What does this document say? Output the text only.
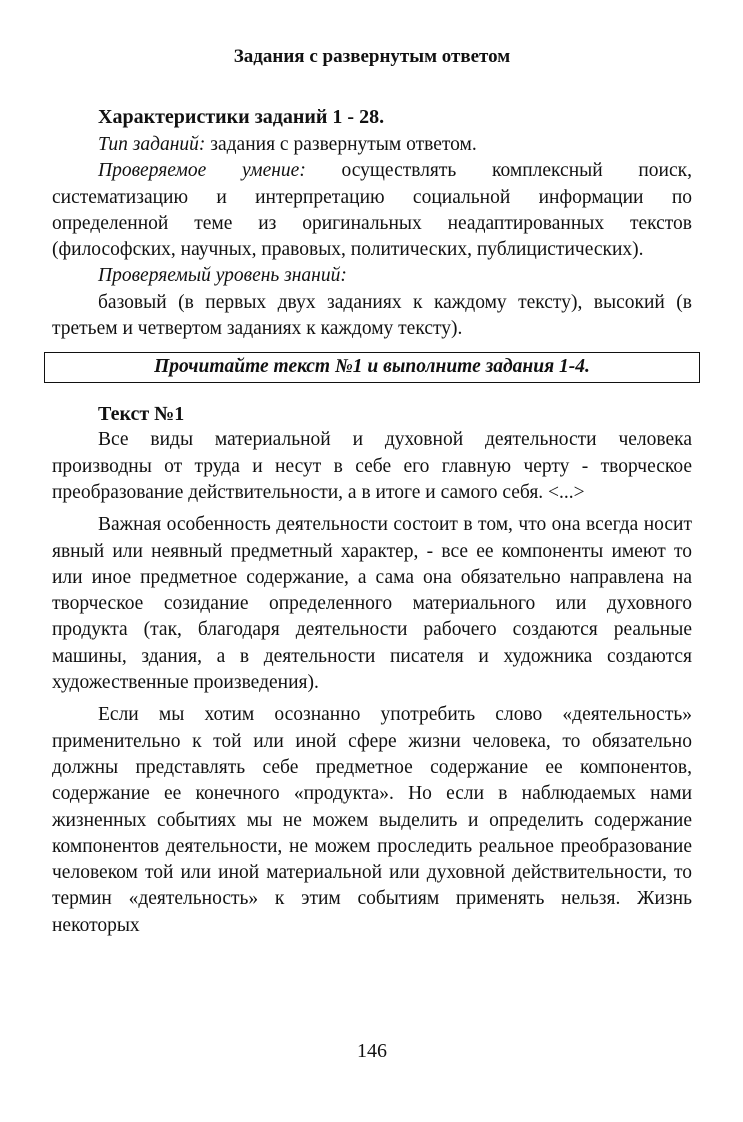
Задания с развернутым ответом
Характеристики заданий 1 - 28.

Тип заданий: задания с развернутым ответом.

Проверяемое умение: осуществлять комплексный поиск, систематизацию и интерпретацию социальной информации по определенной теме из оригинальных неадаптированных текстов (философских, научных, правовых, политических, публицистических).

Проверяемый уровень знаний:

базовый (в первых двух заданиях к каждому тексту), высокий (в третьем и четвертом заданиях к каждому тексту).

Прочитайте текст №1 и выполните задания 1-4.
Текст №1

Все виды материальной и духовной деятельности человека производны от труда и несут в себе его главную черту - творческое преобразование действительности, а в итоге и самого себя. <...>

Важная особенность деятельности состоит в том, что она всегда носит явный или неявный предметный характер, - все ее компоненты имеют то или иное предметное содержание, а сама она обязательно направлена на творческое созидание определенного материального или духовного продукта (так, благодаря деятельности рабочего создаются реальные машины, здания, а в деятельности писателя и художника создаются художественные произведения).

Если мы хотим осознанно употребить слово «деятельность» применительно к той или иной сфере жизни человека, то обязательно должны представлять себе предметное содержание ее компонентов, содержание ее конечного «продукта». Но если в наблюдаемых нами жизненных событиях мы не можем выделить и определить содержание компонентов деятельности, не можем проследить реальное преобразование человеком той или иной материальной или духовной действительности, то термин «деятельность» к этим событиям применять нельзя. Жизнь некоторых

146
